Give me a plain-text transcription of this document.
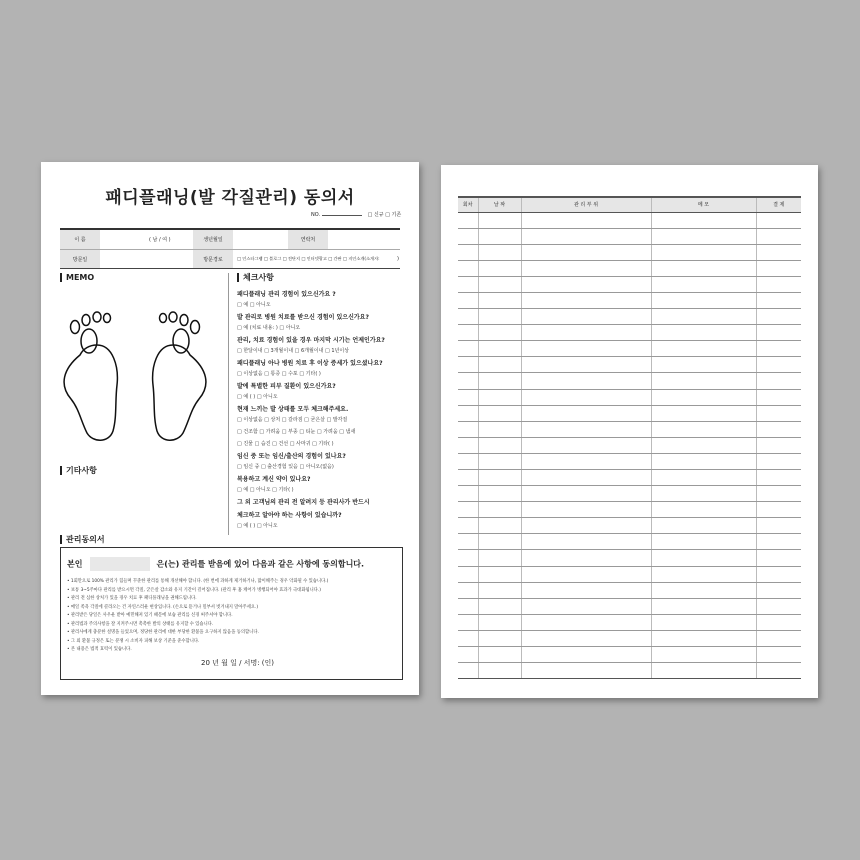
패디플래닝(발 각질관리) 동의서
NO.	□ 신규 □ 기존
이 름	( 남 / 여 )	생년월일	연락처
방문일	방문경로	□ 인스타그램 □ 블로그 □ 전단지 □ 인터넷광고 □ 간판 □ 지인소개(소개자:	)
MEMO
기타사항
체크사항
패디플래닝 관리 경험이 있으신가요 ?
□ 예 □ 아니오
발 관리로 병원 치료를 받으신 경험이 있으신가요?
□ 예 (치료 내용: ) □ 아니오
관리, 치료 경험이 있을 경우 마지막 시기는 언제인가요?
□ 한달이내 □ 3개월이내 □ 6개월이내 □ 1년이상
패디플래닝 아나 병원 치료 후 이상 증세가 있으셨나요?
□ 이상없음 □ 통증 □ 수포 □ 기타( )
발에 특별한 피부 질환이 있으신가요?
□ 예 ( ) □ 아니오
현재 느끼는 발 상태를 모두 체크해주세요.
□ 이상없음 □ 상처 □ 갈라짐 □ 굳은살 □ 발각질
□ 건조함 □ 가려움 □ 부종 □ 티눈 □ 가려움 □ 냄새
□ 진물 □ 습진 □ 건선 □ 사마귀 □ 기타( )
임신 중 또는 임신/출산의 경험이 있나요?
□ 임신 중 □ 출산경험 있음 □ 아니오(없음)
복용하고 계신 약이 있나요?
□ 예 □ 아니오 □ 기타( )
그 외 고객님의 관리 전 알려지 등 관리사가 반드시
체크하고 알아야 하는 사항이 있습니까?
□ 예 ( ) □ 아니오
관리동의서
본인	은(는) 관리를 받음에 있어 다음과 같은 사항에 동의합니다.
• 1회만으로 100% 관리가 힘들며 꾸준한 관리를 통해 개선해야 합니다. (한 번에 과하게 제거하거나, 많이해주는 경우 악화될 수 있습니다.)
• 보통 3~5주마다 관리를 받으시면 각질, 굳은살 감소와 유지 기간이 길어집니다. (관리 후 홈 케어가 병행되어야 효과가 극대화됩니다.)
• 관리 전 심한 상처가 있을 경우 치료 후 패디플래닝을 권해드립니다.
• 매일 족욕 각질에 콜라오는 건 자연스러운 현상입니다. (손으로 뜯거나 밀부셔 벗겨내지 말아주세요.)
• 관리받은 당일은 사우운 받아 예민해져 있기 때문에 보습 관리를 신경 써주셔야 합니다.
• 관리법과 주의사항을 잘 지켜주시면 촉촉한 발의 상태를 유지할 수 있습니다.
• 관리사에게 충분한 설명을 들었으며, 정당한 관리에 대한 부당한 환불을 요구하지 않음을 동의합니다.
• 그 외 환불 규정은 또는 분쟁 시 소비자 피해 보상 기준을 준수합니다.
• 본 내용은 법적 효력이 있습니다.
20 년 월 일 / 서명: (인)
회차	날 짜	관 리 부 위	메 모	결 제
